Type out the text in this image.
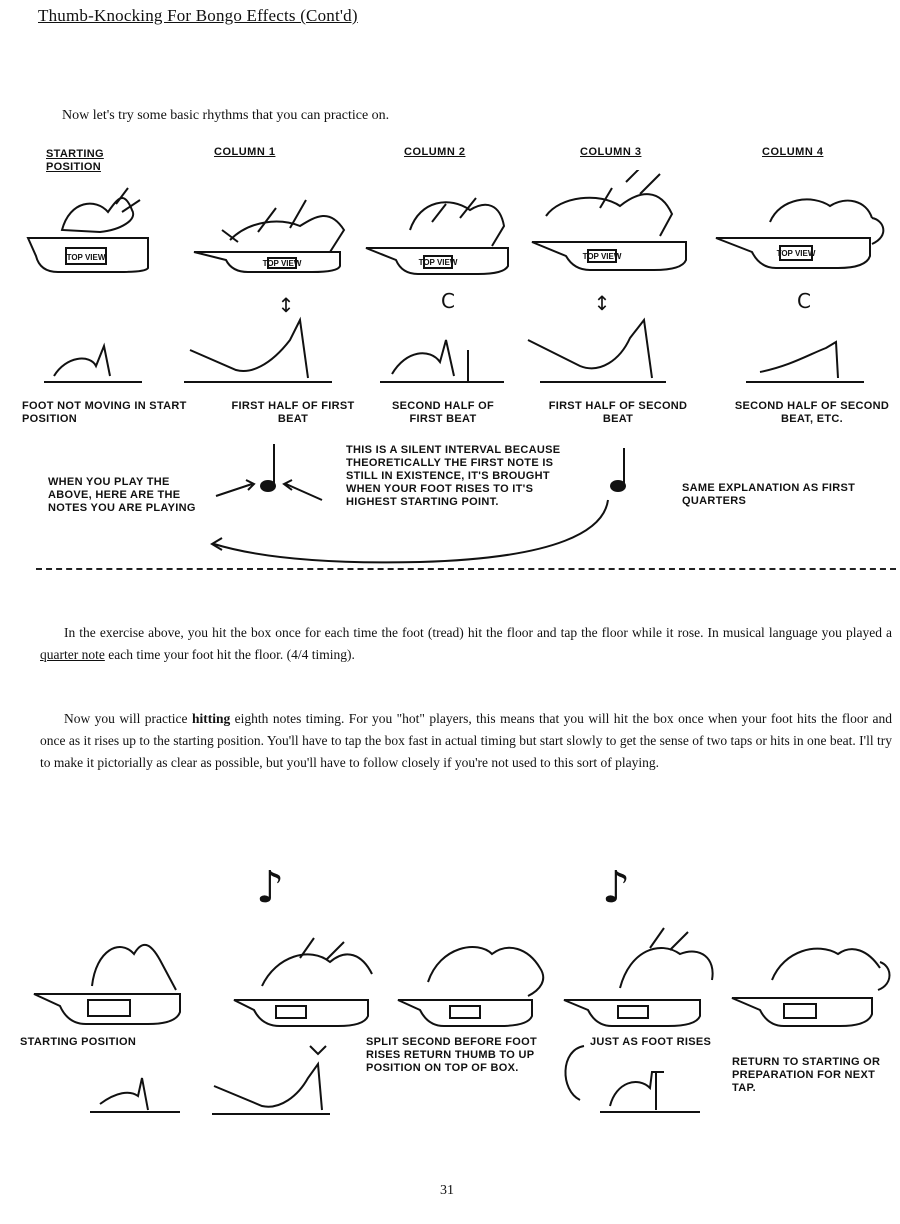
Thumb-Knocking For Bongo Effects (Cont'd)
Now let's try some basic rhythms that you can practice on.
STARTING POSITION
COLUMN 1	COLUMN 2	COLUMN 3	COLUMN 4
TOP VIEW
TOP VIEW	TOP VIEW
TOP VIEW	TOP VIEW
↕	C	↕	C
FOOT NOT MOVING IN START POSITION
FIRST HALF OF FIRST BEAT
SECOND HALF OF FIRST BEAT
FIRST HALF OF SECOND BEAT
SECOND HALF OF SECOND BEAT, ETC.
WHEN YOU PLAY THE ABOVE, HERE ARE THE NOTES YOU ARE PLAYING
THIS IS A SILENT INTERVAL BECAUSE THEORETICALLY THE FIRST NOTE IS STILL IN EXISTENCE, IT'S BROUGHT WHEN YOUR FOOT RISES TO IT'S HIGHEST STARTING POINT.
SAME EXPLANATION AS FIRST QUARTERS
In the exercise above, you hit the box once for each time the foot (tread) hit the floor and tap the floor while it rose. In musical language you played a quarter note each time your foot hit the floor. (4/4 timing).
Now you will practice hitting eighth notes timing. For you "hot" players, this means that you will hit the box once when your foot hits the floor and once as it rises up to the starting position. You'll have to tap the box fast in actual timing but start slowly to get the sense of two taps or hits in one beat. I'll try to make it pictorially as clear as possible, but you'll have to follow closely if you're not used to this sort of playing.
♪	♪
STARTING POSITION	SPLIT SECOND BEFORE FOOT RISES RETURN THUMB TO UP POSITION ON TOP OF BOX.
JUST AS FOOT RISES
RETURN TO STARTING OR PREPARATION FOR NEXT TAP.
31
